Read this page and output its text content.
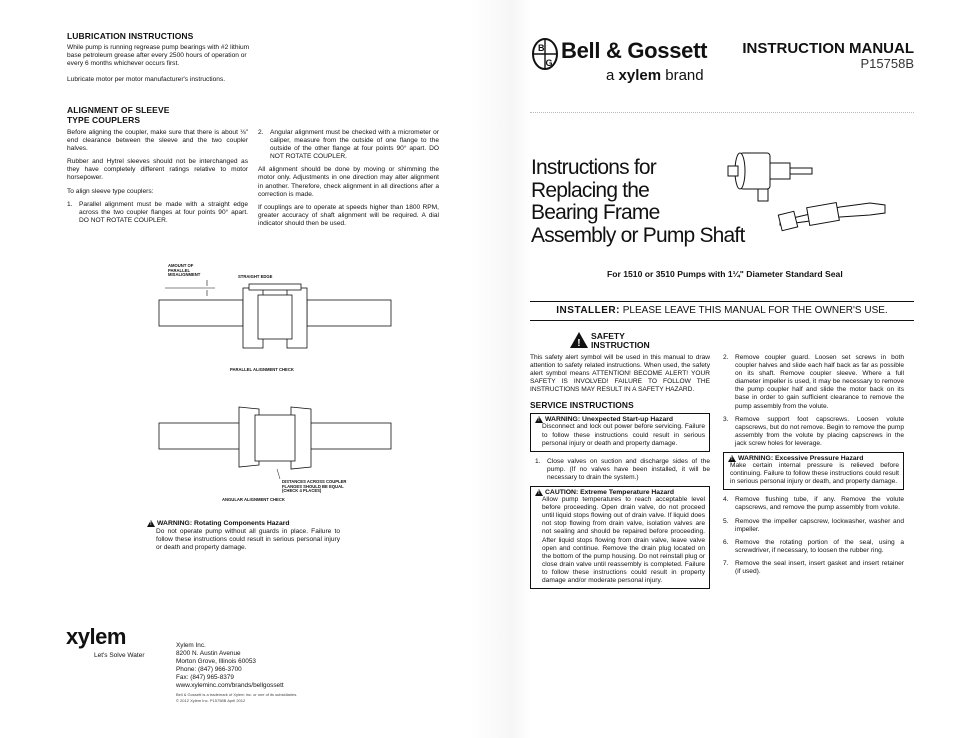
LUBRICATION INSTRUCTIONS
While pump is running regrease pump bearings with #2 lithium base petroleum grease after every 2500 hours of operation or every 6 months whichever occurs first.
Lubricate motor per motor manufacturer's instructions.
ALIGNMENT OF SLEEVE
TYPE COUPLERS
Before aligning the coupler, make sure that there is about ⅛" end clearance between the sleeve and the two coupler halves.
Rubber and Hytrel sleeves should not be interchanged as they have completely different ratings relative to motor horsepower.
To align sleeve type couplers:
1. Parallel alignment must be made with a straight edge across the two coupler flanges at four points 90° apart. DO NOT ROTATE COUPLER.
2. Angular alignment must be checked with a micrometer or caliper, measure from the outside of one flange to the outside of the other flange at four points 90° apart. DO NOT ROTATE COUPLER.
All alignment should be done by moving or shimming the motor only. Adjustments in one direction may alter alignment in another. Therefore, check alignment in all directions after a correction is made.
If couplings are to operate at speeds higher than 1800 RPM, greater accuracy of shaft alignment will be required. A dial indicator should then be used.
AMOUNT OF PARALLEL MISALIGNMENT	STRAIGHT EDGE
PARALLEL ALIGNMENT CHECK
DISTANCES ACROSS COUPLER FLANGES SHOULD BE EQUAL (CHECK 4 PLACES)
ANGULAR ALIGNMENT CHECK
!
WARNING: Rotating Components Hazard
Do not operate pump without all guards in place. Failure to follow these instructions could result in serious personal injury or death and property damage.
xylem
Let's Solve Water
Xylem Inc.
8200 N. Austin Avenue
Morton Grove, Illinois 60053
Phone: (847) 966-3700
Fax: (847) 965-8379
www.xyleminc.com/brands/bellgossett
Bell & Gossett is a trademark of Xylem Inc. or one of its subsidiaries.
© 2012 Xylem Inc. P15758B April 2012
B
G Bell & Gossett
a xylem brand
INSTRUCTION MANUAL
P15758B
Instructions for
Replacing the
Bearing Frame
Assembly or Pump Shaft
For 1510 or 3510 Pumps with 1¼" Diameter Standard Seal
INSTALLER: PLEASE LEAVE THIS MANUAL FOR THE OWNER'S USE.
!
SAFETY
INSTRUCTION
This safety alert symbol will be used in this manual to draw attention to safety related instructions. When used, the safety alert symbol means ATTENTION! BECOME ALERT! YOUR SAFETY IS INVOLVED! FAILURE TO FOLLOW THE INSTRUCTIONS MAY RESULT IN A SAFETY HAZARD.
SERVICE INSTRUCTIONS
!
WARNING: Unexpected Start-up Hazard
Disconnect and lock out power before servicing. Failure to follow these instructions could result in serious personal injury or death and property damage.
1. Close valves on suction and discharge sides of the pump. (If no valves have been installed, it will be necessary to drain the system.)
!
CAUTION: Extreme Temperature Hazard
Allow pump temperatures to reach acceptable level before proceeding. Open drain valve, do not proceed until liquid stops flowing out of drain valve. If liquid does not stop flowing from drain valve, isolation valves are not sealing and should be repaired before proceeding. After liquid stops flowing from drain valve, leave valve open and continue. Remove the drain plug located on the bottom of the pump housing. Do not reinstall plug or close drain valve until reassembly is completed. Failure to follow these instructions could result in property damage and/or moderate personal injury.
2. Remove coupler guard. Loosen set screws in both coupler halves and slide each half back as far as possible on its shaft. Remove coupler sleeve. Where a full diameter impeller is used, it may be necessary to remove the pump coupler half and slide the motor back on its base in order to gain sufficient clearance to remove the pump assembly from the volute.
3. Remove support foot capscrews. Loosen volute capscrews, but do not remove. Begin to remove the pump assembly from the volute by placing capscrews in the jack screw holes for leverage.
!
WARNING: Excessive Pressure Hazard
Make certain internal pressure is relieved before continuing. Failure to follow these instructions could result in serious personal injury or death, and property damage.
4. Remove flushing tube, if any. Remove the volute capscrews, and remove the pump assembly from volute.
5. Remove the impeller capscrew, lockwasher, washer and impeller.
6. Remove the rotating portion of the seal, using a screwdriver, if necessary, to loosen the rubber ring.
7. Remove the seal insert, insert gasket and insert retainer (if used).
